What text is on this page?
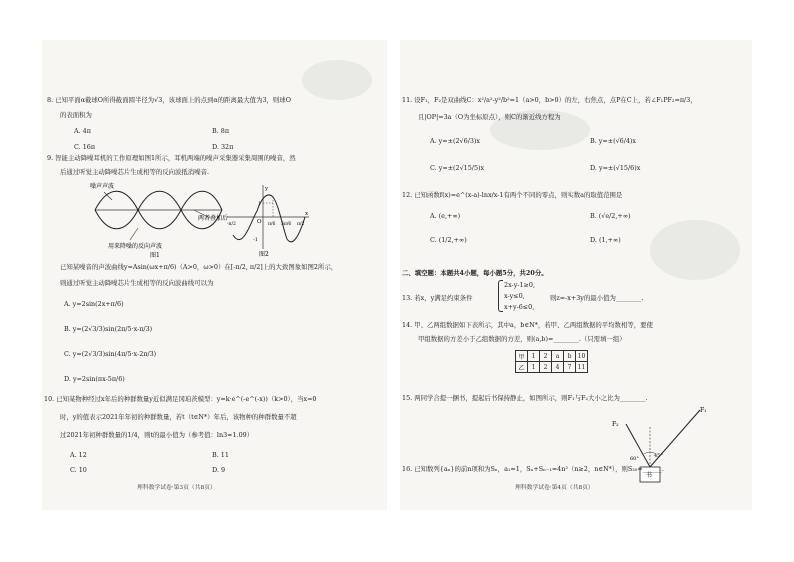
8. 已知平面α截球O所得截面圆半径为√3，该球面上的点到α的距离最大值为3，则球O
的表面积为
A. 4π	B. 8π
C. 16π	D. 32π
9. 智能主动降噪耳机的工作原理如图1所示，耳机两端的噪声采集器采集周围的噪音，然
后通过听觉主动降噪芯片生成相等的反向波抵消噪音.
噪声声波
两者叠加后
用来降噪的反向声波
图1
y
x
O
1
-1
-π/2	π/6 5π/6 π/2
图2
已知某噪音的声波曲线y=Asin(ωx+π/6)（A>0，ω>0）在[-π/2, π/2]上的大致图象如图2所示，
则通过听觉主动降噪芯片生成相等的反向波曲线可以为
A. y=2sin(2x+π/6)
B. y=(2√3/3)sin(2π/5·x-π/3)
C. y=(2√3/3)sin(4π/5·x-2π/3)
D. y=2sin(πx-5π/6)
10. 已知某物种经过x年后的种群数量y近似满足冈珀茨模型：y=k·e^(-e^(-x))（k>0），当x=0
时，y的值表示2021年年初的种群数量，若t（t∈N*）年后，该物种的种群数量不超
过2021年初种群数量的1/4，则t的最小值为（参考值：ln3≈1.09）
A. 12	B. 11
C. 10	D. 9
理科数学试卷·第3页（共8页）
11. 设F₁，F₂是双曲线C：x²/a²-y²/b²=1（a>0，b>0）的左，右焦点，点P在C上，若∠F₁PF₂=π/3，
且|OP|=3a（O为坐标原点），则C的渐近线方程为
A. y=±(2√6/3)x	B. y=±(√6/4)x
C. y=±(2√15/5)x	D. y=±(√15/6)x
12. 已知函数f(x)=e^(x-a)-lnx/x-1有两个不同的零点，则实数a的取值范围是
A. (e,+∞)	B. (√e/2,+∞)
C. (1/2,+∞)	D. (1,+∞)
二、填空题：本题共4小题，每小题5分，共20分。
13. 若x，y满足约束条件
2x-y-1≥0,
x-y≤0,
x+y-6≤0,
则z=-x+3y的最小值为________.
14. 甲、乙两组数据如下表所示，其中a，b∈N*，若甲、乙两组数据的平均数相等，要使
甲组数据的方差小于乙组数据的方差，则(a,b)=________.（只需填一组）
甲	1	2	a	b	10
乙	1	2	4	7	11
15. 两同学合提一捆书，提起后书保持静止，如图所示，则F₁与F₂大小之比为________.
F₂
F₁
60°	45°
书
16. 已知数列{aₙ}的前n项和为Sₙ，a₁=1，Sₙ+Sₙ₋₁=4n²（n≥2，n∈N*），则S₂₀=______.
理科数学试卷·第4页（共8页）
